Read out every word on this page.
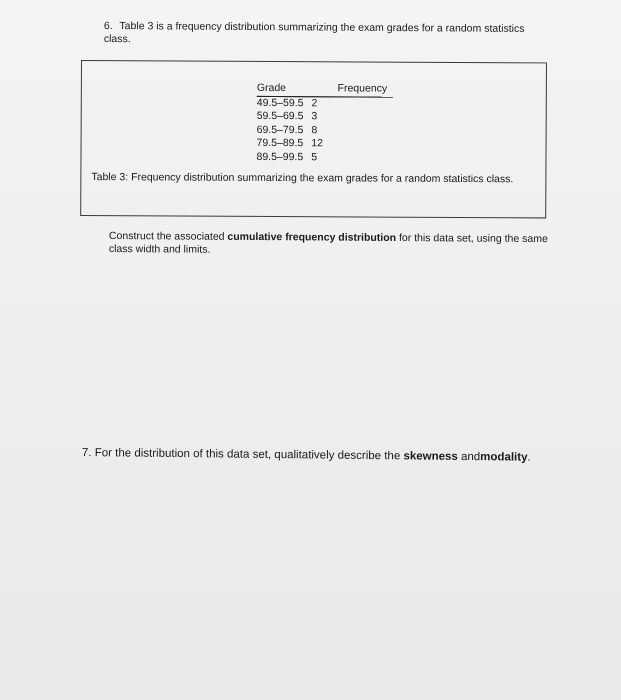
6. Table 3 is a frequency distribution summarizing the exam grades for a random statistics class.
Grade	Frequency
49.5–59.5	2
59.5–69.5	3
69.5–79.5	8
79.5–89.5	12
89.5–99.5	5
Table 3: Frequency distribution summarizing the exam grades for a random statistics class.
Construct the associated cumulative frequency distribution for this data set, using the same class width and limits.
7. For the distribution of this data set, qualitatively describe the skewness andmodality.
